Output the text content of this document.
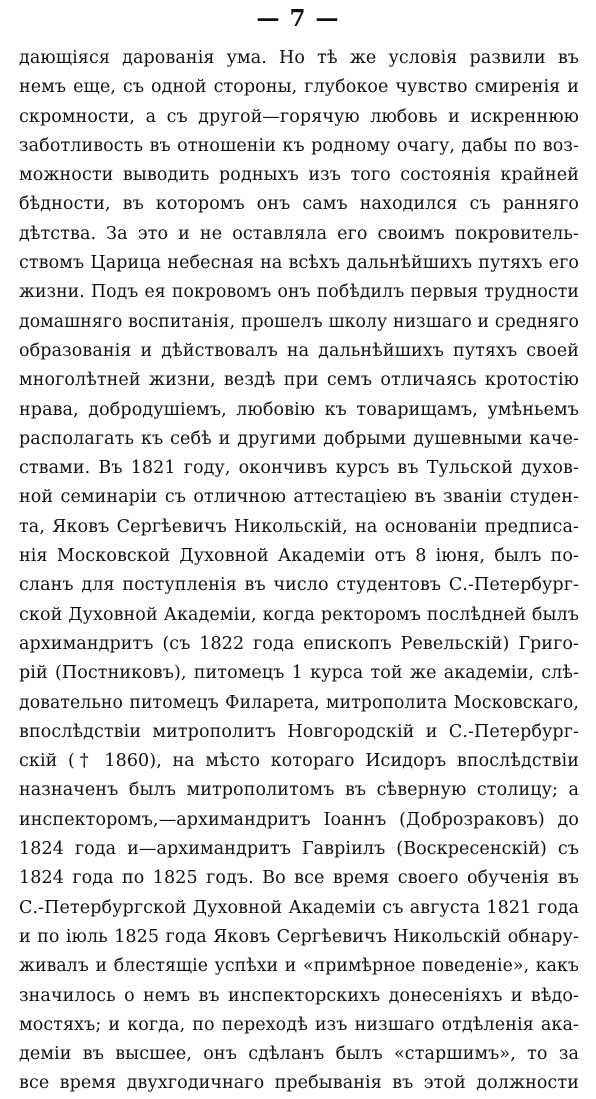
— 7 —
дающіяся дарованія ума. Но тѣ же условія развили въ
немъ еще, съ одной стороны, глубокое чувство смиренія и
скромности, а съ другой—горячую любовь и искреннюю
заботливость въ отношеніи къ родному очагу, дабы по воз-
можности выводить родныхъ изъ того состоянія крайней
бѣдности, въ которомъ онъ самъ находился съ ранняго
дѣтства. За это и не оставляла его своимъ покровитель-
ствомъ Царица небесная на всѣхъ дальнѣйшихъ путяхъ его
жизни. Подъ ея покровомъ онъ побѣдилъ первыя трудности
домашняго воспитанія, прошелъ школу низшаго и средняго
образованія и дѣйствовалъ на дальнѣйшихъ путяхъ своей
многолѣтней жизни, вездѣ при семъ отличаясь кротостію
нрава, добродушіемъ, любовію къ товарищамъ, умѣньемъ
располагать къ себѣ и другими добрыми душевными каче-
ствами. Въ 1821 году, окончивъ курсъ въ Тульской духов-
ной семинаріи съ отличною аттестаціею въ званіи студен-
та, Яковъ Сергѣевичъ Никольскій, на основаніи предписа-
нія Московской Духовной Академіи отъ 8 іюня, былъ по-
сланъ для поступленія въ число студентовъ С.-Петербург-
ской Духовной Академіи, когда ректоромъ послѣдней былъ
архимандритъ (съ 1822 года епископъ Ревельскій) Григо-
рій (Постниковъ), питомецъ 1 курса той же академіи, слѣ-
довательно питомецъ Филарета, митрополита Московскаго,
впослѣдствіи митрополитъ Новгородскій и С.-Петербург-
скій († 1860), на мѣсто котораго Исидоръ впослѣдствіи
назначенъ былъ митрополитомъ въ сѣверную столицу; а
инспекторомъ,—архимандритъ Іоаннъ (Доброзраковъ) до
1824 года и—архимандритъ Гавріилъ (Воскресенскій) съ
1824 года по 1825 годъ. Во все время своего обученія въ
С.-Петербургской Духовной Академіи съ августа 1821 года
и по іюль 1825 года Яковъ Сергѣевичъ Никольскій обнару-
живалъ и блестящіе успѣхи и «примѣрное поведеніе», какъ
значилось о немъ въ инспекторскихъ донесеніяхъ и вѣдо-
мостяхъ; и когда, по переходѣ изъ низшаго отдѣленія ака-
деміи въ высшее, онъ сдѣланъ былъ «старшимъ», то за
все время двухгодичнаго пребыванія въ этой должности
